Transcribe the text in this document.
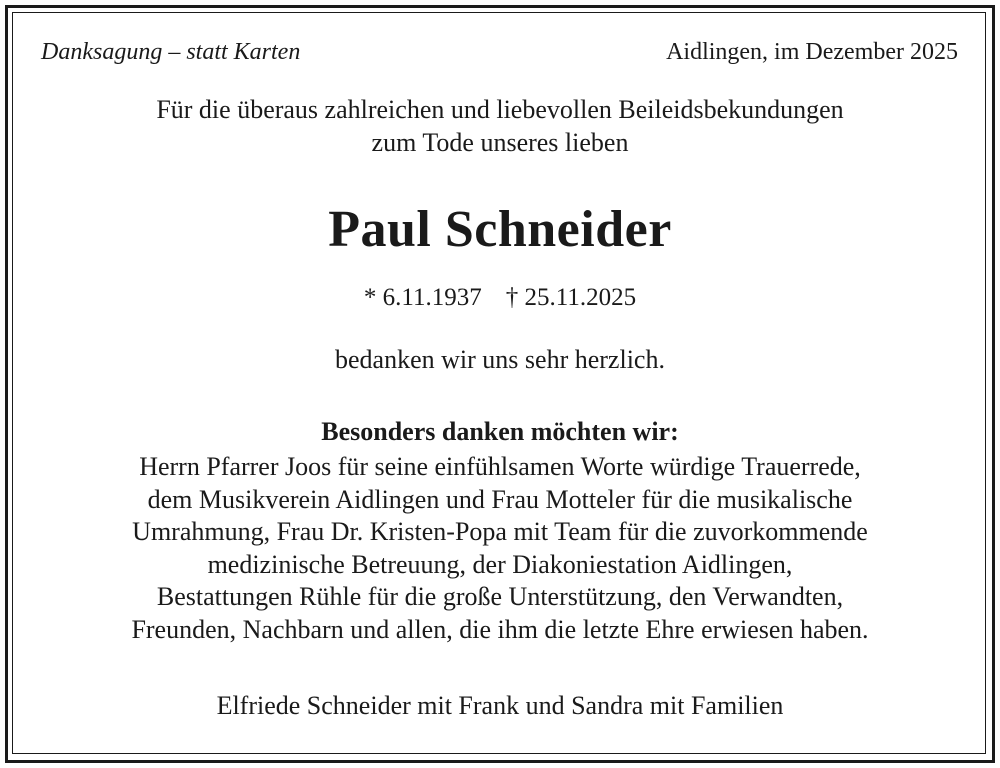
Danksagung – statt Karten	Aidlingen, im Dezember 2025
Für die überaus zahlreichen und liebevollen Beileidsbekundungen
zum Tode unseres lieben
Paul Schneider
* 6.11.1937 † 25.11.2025
bedanken wir uns sehr herzlich.
Besonders danken möchten wir:
Herrn Pfarrer Joos für seine einfühlsamen Worte würdige Trauerrede,
dem Musikverein Aidlingen und Frau Motteler für die musikalische
Umrahmung, Frau Dr. Kristen-Popa mit Team für die zuvorkommende
medizinische Betreuung, der Diakoniestation Aidlingen,
Bestattungen Rühle für die große Unterstützung, den Verwandten,
Freunden, Nachbarn und allen, die ihm die letzte Ehre erwiesen haben.
Elfriede Schneider mit Frank und Sandra mit Familien
